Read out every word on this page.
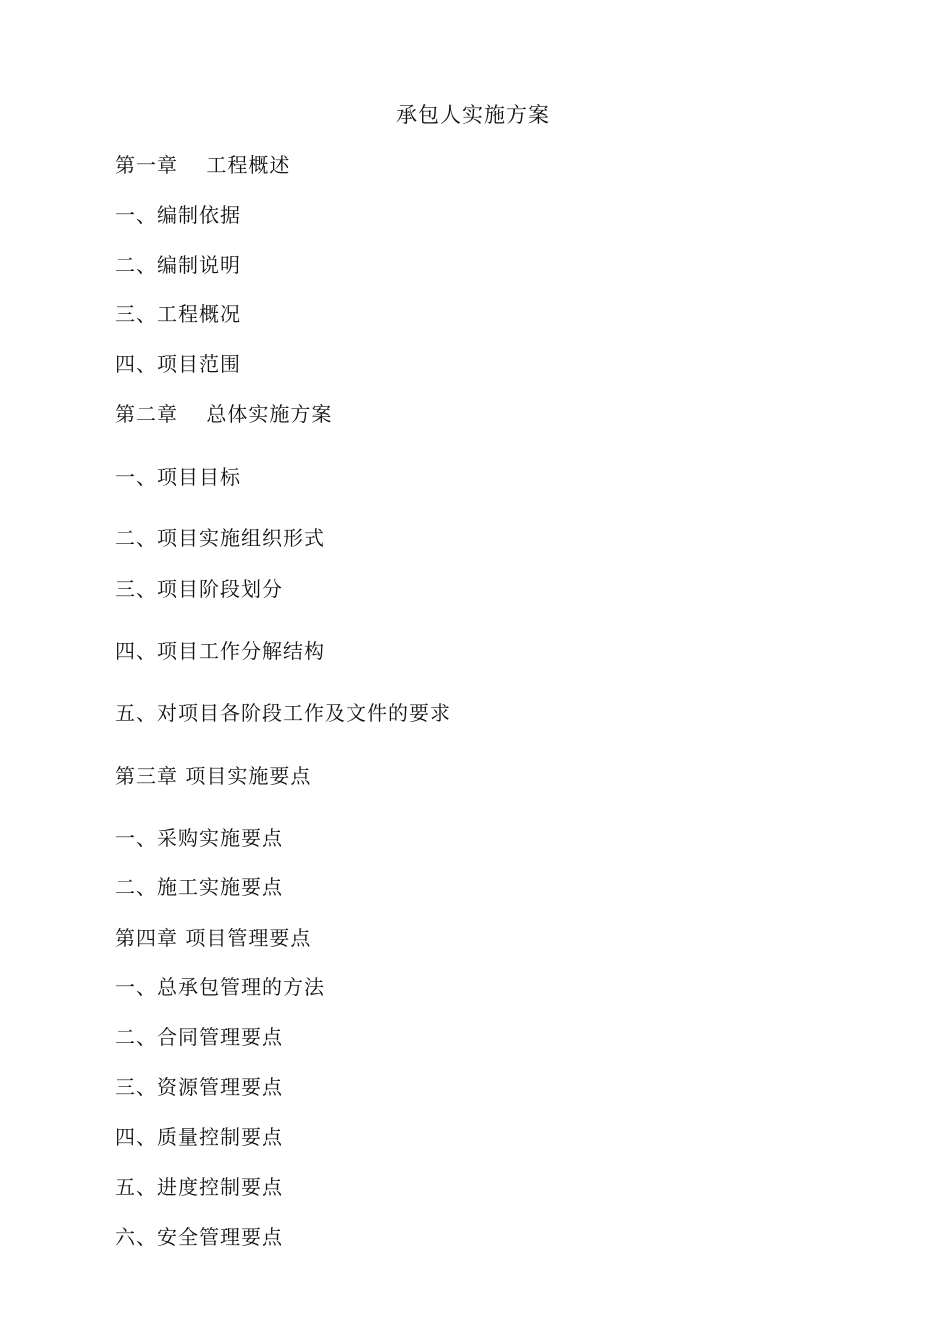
承包人实施方案
第一章　 工程概述
一、编制依据
二、编制说明
三、工程概况
四、项目范围
第二章　 总体实施方案
一、项目目标
二、项目实施组织形式
三、项目阶段划分
四、项目工作分解结构
五、对项目各阶段工作及文件的要求
第三章 项目实施要点
一、采购实施要点
二、施工实施要点
第四章 项目管理要点
一、总承包管理的方法
二、合同管理要点
三、资源管理要点
四、质量控制要点
五、进度控制要点
六、安全管理要点
